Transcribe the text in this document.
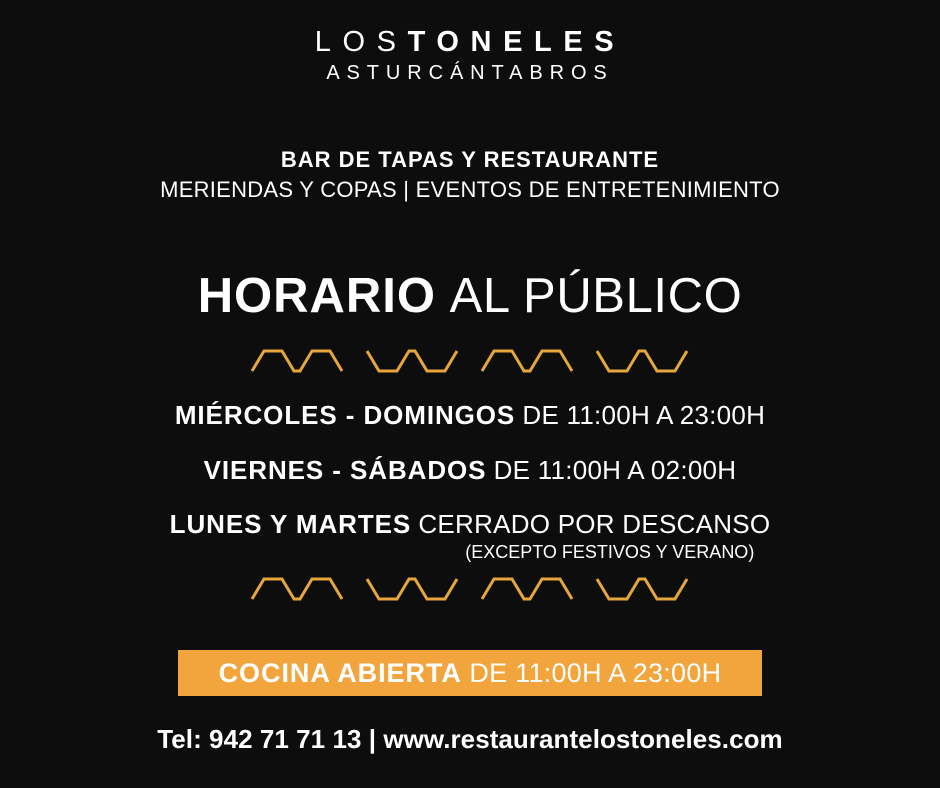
LOSTONELES
ASTURCÁNTABROS
BAR DE TAPAS Y RESTAURANTE
MERIENDAS Y COPAS | EVENTOS DE ENTRETENIMIENTO
HORARIO AL PÚBLICO
MIÉRCOLES - DOMINGOS DE 11:00H A 23:00H
VIERNES - SÁBADOS DE 11:00H A 02:00H
LUNES Y MARTES CERRADO POR DESCANSO
(EXCEPTO FESTIVOS Y VERANO)
COCINA ABIERTA DE 11:00H A 23:00H
Tel: 942 71 71 13 | www.restaurantelostoneles.com
